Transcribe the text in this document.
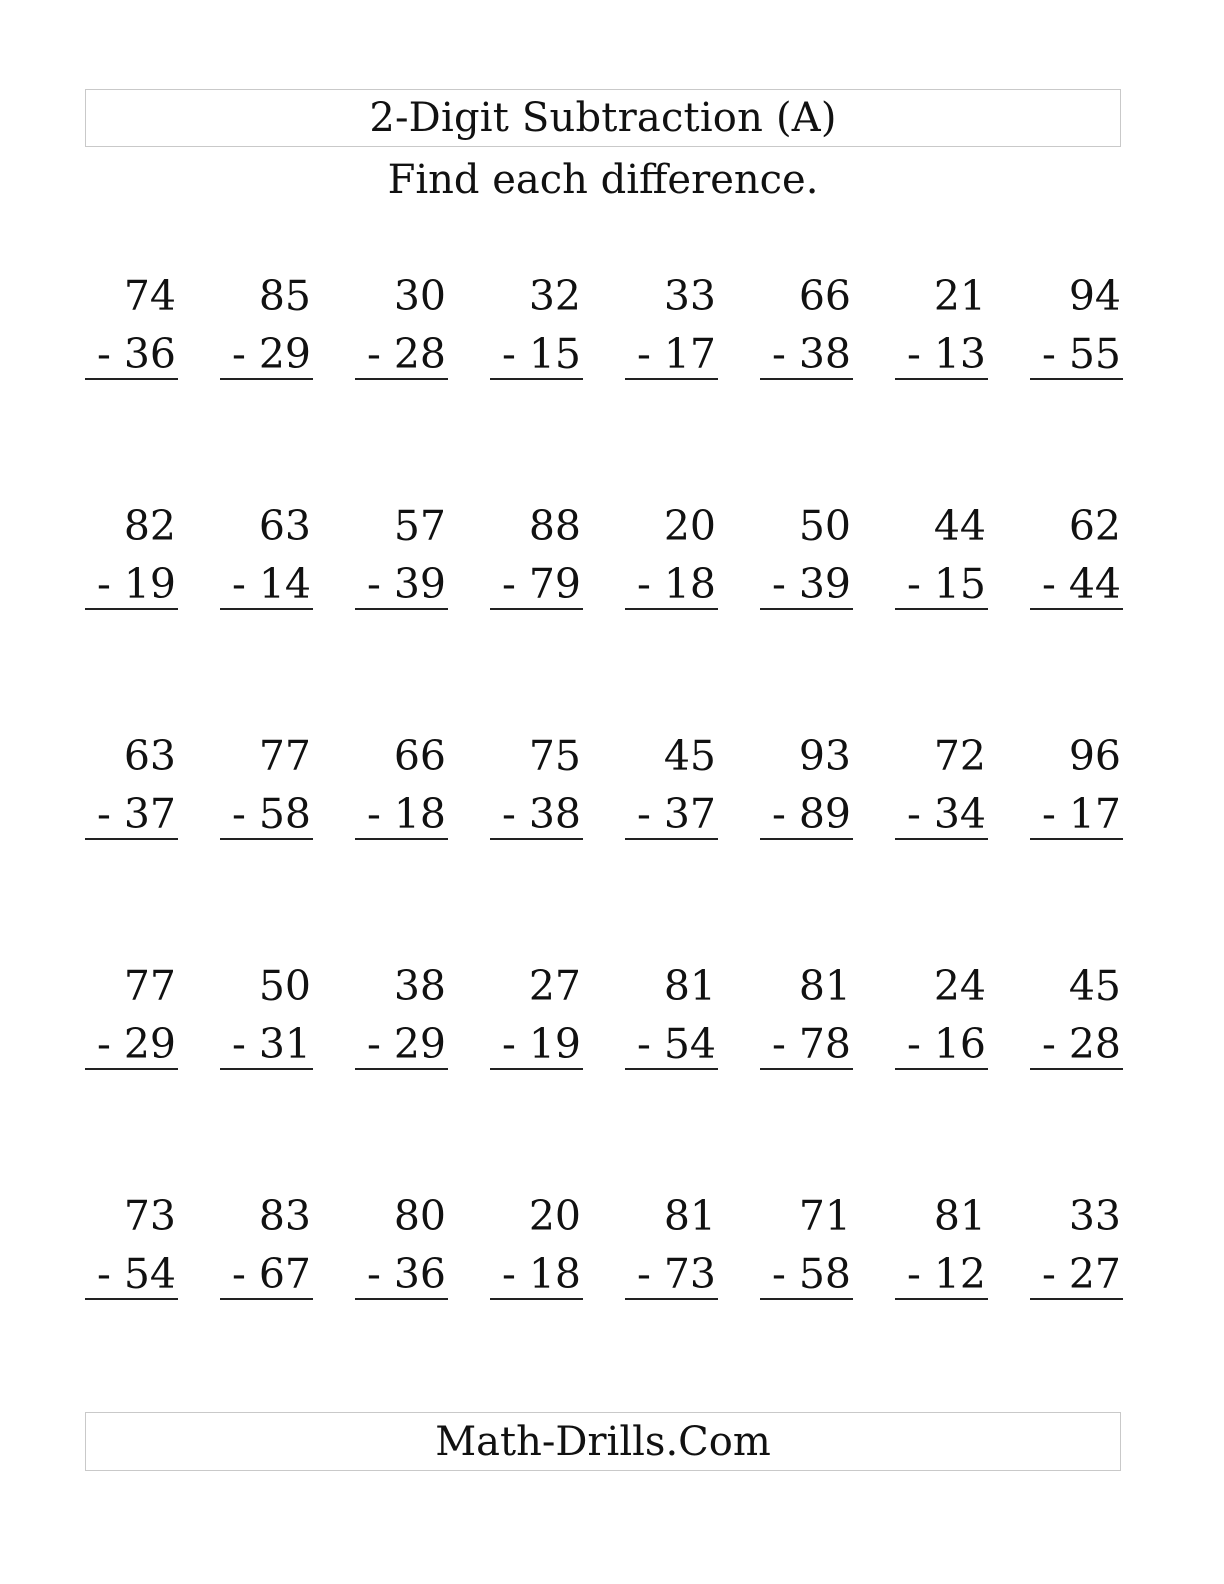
2-Digit Subtraction (A)
Find each difference.
74
- 36
85
- 29
30
- 28
32
- 15
33
- 17
66
- 38
21
- 13
94
- 55
82
- 19
63
- 14
57
- 39
88
- 79
20
- 18
50
- 39
44
- 15
62
- 44
63
- 37
77
- 58
66
- 18
75
- 38
45
- 37
93
- 89
72
- 34
96
- 17
77
- 29
50
- 31
38
- 29
27
- 19
81
- 54
81
- 78
24
- 16
45
- 28
73
- 54
83
- 67
80
- 36
20
- 18
81
- 73
71
- 58
81
- 12
33
- 27
Math-Drills.Com
